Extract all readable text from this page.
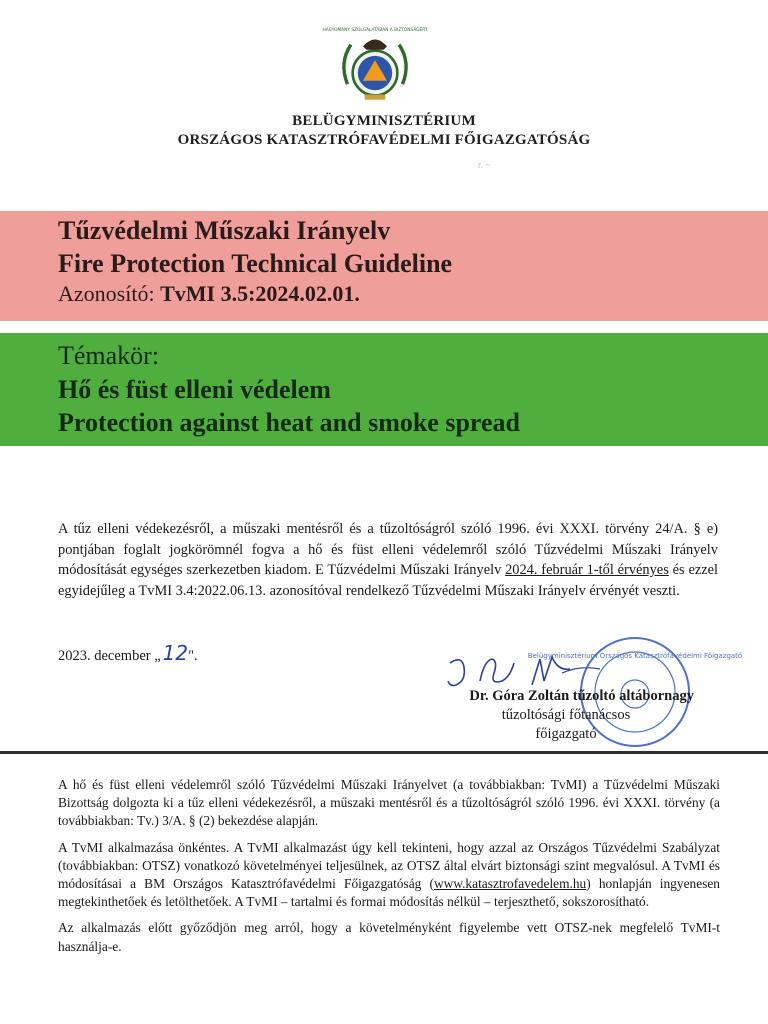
HAGYOMÁNY SZOLGÁLATÁBAN A BIZTONSÁGÉRT
BELÜGYMINISZTÉRIUM
ORSZÁGOS KATASZTRÓFAVÉDELMI FŐIGAZGATÓSÁG
r. ~
Tűzvédelmi Műszaki Irányelv
Fire Protection Technical Guideline
Azonosító: TvMI 3.5:2024.02.01.
Témakör:
Hő és füst elleni védelem
Protection against heat and smoke spread
A tűz elleni védekezésről, a műszaki mentésről és a tűzoltóságról szóló 1996. évi XXXI. törvény 24/A. § e) pontjában foglalt jogkörömnél fogva a hő és füst elleni védelemről szóló Tűzvédelmi Műszaki Irányelv módosítását egységes szerkezetben kiadom. E Tűzvédelmi Műszaki Irányelv 2024. február 1-től érvényes és ezzel egyidejűleg a TvMI 3.4:2022.06.13. azonosítóval rendelkező Tűzvédelmi Műszaki Irányelv érvényét veszti.
2023. december „ 12".	Belügyminisztérium Országos Katasztrófavédelmi Főigazgató
Dr. Góra Zoltán tűzoltó altábornagy
tűzoltósági főtanácsos
főigazgató

A hő és füst elleni védelemről szóló Tűzvédelmi Műszaki Irányelvet (a továbbiakban: TvMI) a Tűzvédelmi Műszaki Bizottság dolgozta ki a tűz elleni védekezésről, a műszaki mentésről és a tűzoltóságról szóló 1996. évi XXXI. törvény (a továbbiakban: Tv.) 3/A. § (2) bekezdése alapján.

A TvMI alkalmazása önkéntes. A TvMI alkalmazást úgy kell tekinteni, hogy azzal az Országos Tűzvédelmi Szabályzat (továbbiakban: OTSZ) vonatkozó követelményei teljesülnek, az OTSZ által elvárt biztonsági szint megvalósul. A TvMI és módosításai a BM Országos Katasztrófavédelmi Főigazgatóság (www.katasztrofavedelem.hu) honlapján ingyenesen megtekinthetőek és letölthetőek. A TvMI – tartalmi és formai módosítás nélkül – terjeszthető, sokszorosítható.

Az alkalmazás előtt győződjön meg arról, hogy a követelményként figyelembe vett OTSZ-nek megfelelő TvMI-t használja-e.
